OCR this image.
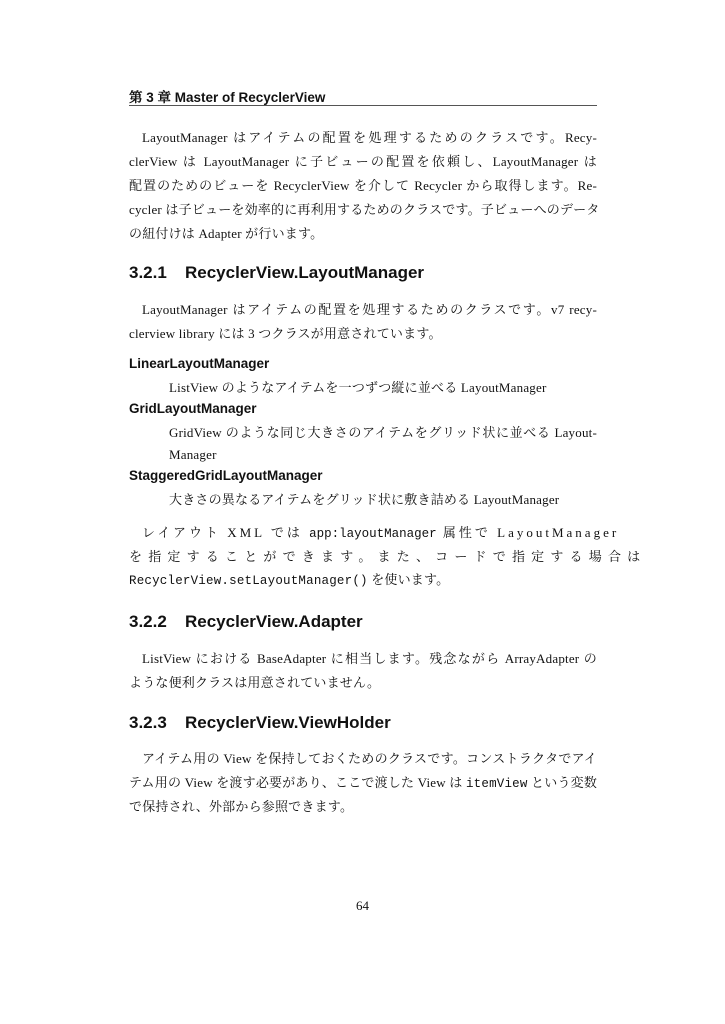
第 3 章 Master of RecyclerView
LayoutManager はアイテムの配置を処理するためのクラスです。Recy-
clerView は LayoutManager に子ビューの配置を依頼し、LayoutManager は
配置のためのビューを RecyclerView を介して Recycler から取得します。Re-
cycler は子ビューを効率的に再利用するためのクラスです。子ビューへのデータ
の紐付けは Adapter が行います。
3.2.1 RecyclerView.LayoutManager
LayoutManager はアイテムの配置を処理するためのクラスです。v7 recy-
clerview library には 3 つクラスが用意されています。
LinearLayoutManager
ListView のようなアイテムを一つずつ縦に並べる LayoutManager
GridLayoutManager
GridView のような同じ大きさのアイテムをグリッド状に並べる Layout-
Manager
StaggeredGridLayoutManager
大きさの異なるアイテムをグリッド状に敷き詰める LayoutManager
レイアウト XML では app:layoutManager 属性で LayoutManager
を指定することができます。また、コードで指定する場合は
RecyclerView.setLayoutManager() を使います。
3.2.2 RecyclerView.Adapter
ListView における BaseAdapter に相当します。残念ながら ArrayAdapter の
ような便利クラスは用意されていません。
3.2.3 RecyclerView.ViewHolder
アイテム用の View を保持しておくためのクラスです。コンストラクタでアイ
テム用の View を渡す必要があり、ここで渡した View は itemView という変数
で保持され、外部から参照できます。
64
